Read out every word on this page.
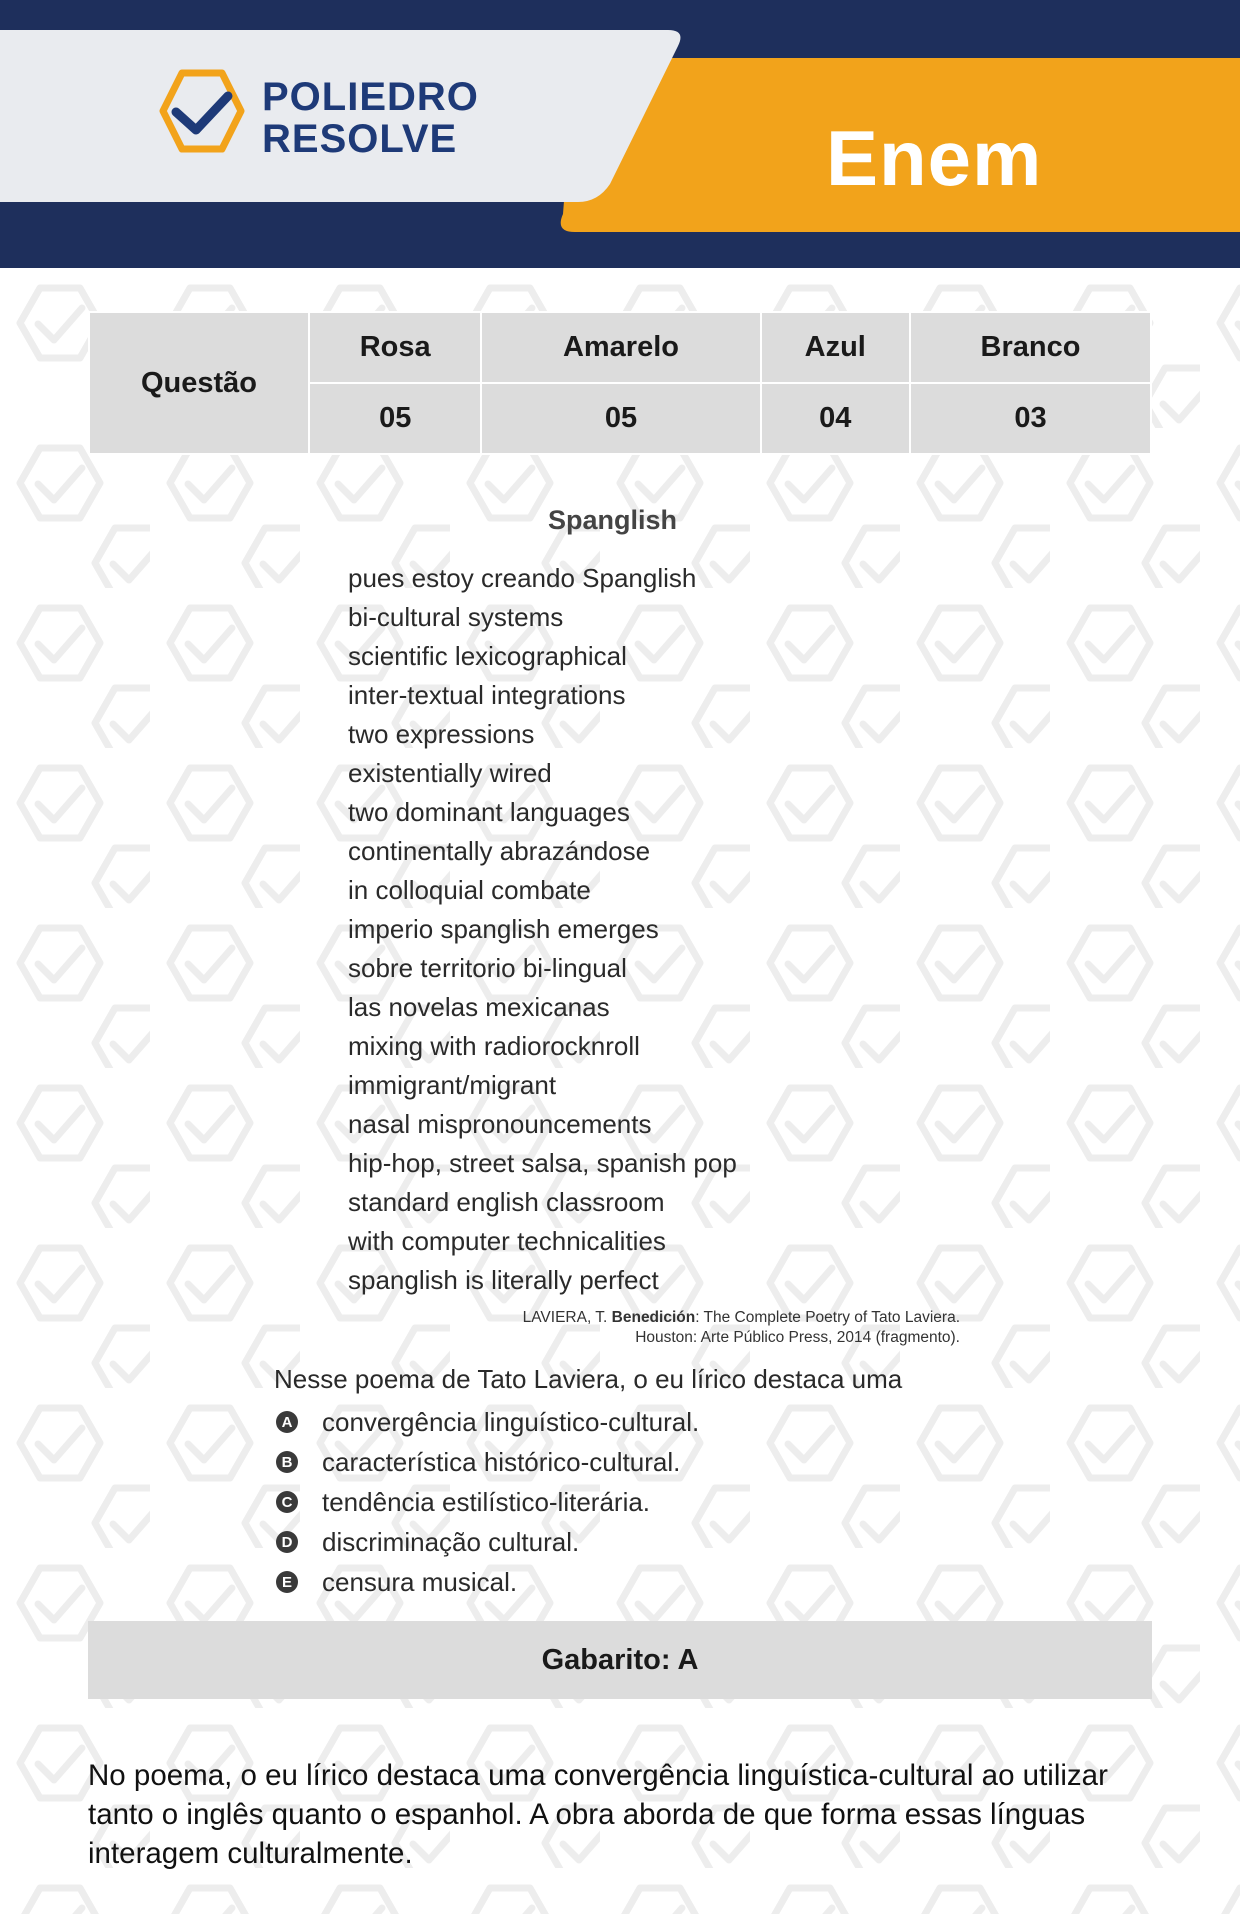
POLIEDRO
RESOLVE	Enem
Questão	Rosa	Amarelo	Azul	Branco
	05	05	04	03
Spanglish
pues estoy creando Spanglish
bi-cultural systems
scientific lexicographical
inter-textual integrations
two expressions
existentially wired
two dominant languages
continentally abrazándose
in colloquial combate
imperio spanglish emerges
sobre territorio bi-lingual
las novelas mexicanas
mixing with radiorocknroll
immigrant/migrant
nasal mispronouncements
hip-hop, street salsa, spanish pop
standard english classroom
with computer technicalities
spanglish is literally perfect
LAVIERA, T. Benedición: The Complete Poetry of Tato Laviera.
Houston: Arte Público Press, 2014 (fragmento).
Nesse poema de Tato Laviera, o eu lírico destaca uma
A convergência linguístico-cultural.
B característica histórico-cultural.
C tendência estilístico-literária.
D discriminação cultural.
E censura musical.
Gabarito: A
No poema, o eu lírico destaca uma convergência linguística-cultural ao utilizar
tanto o inglês quanto o espanhol. A obra aborda de que forma essas línguas
interagem culturalmente.
